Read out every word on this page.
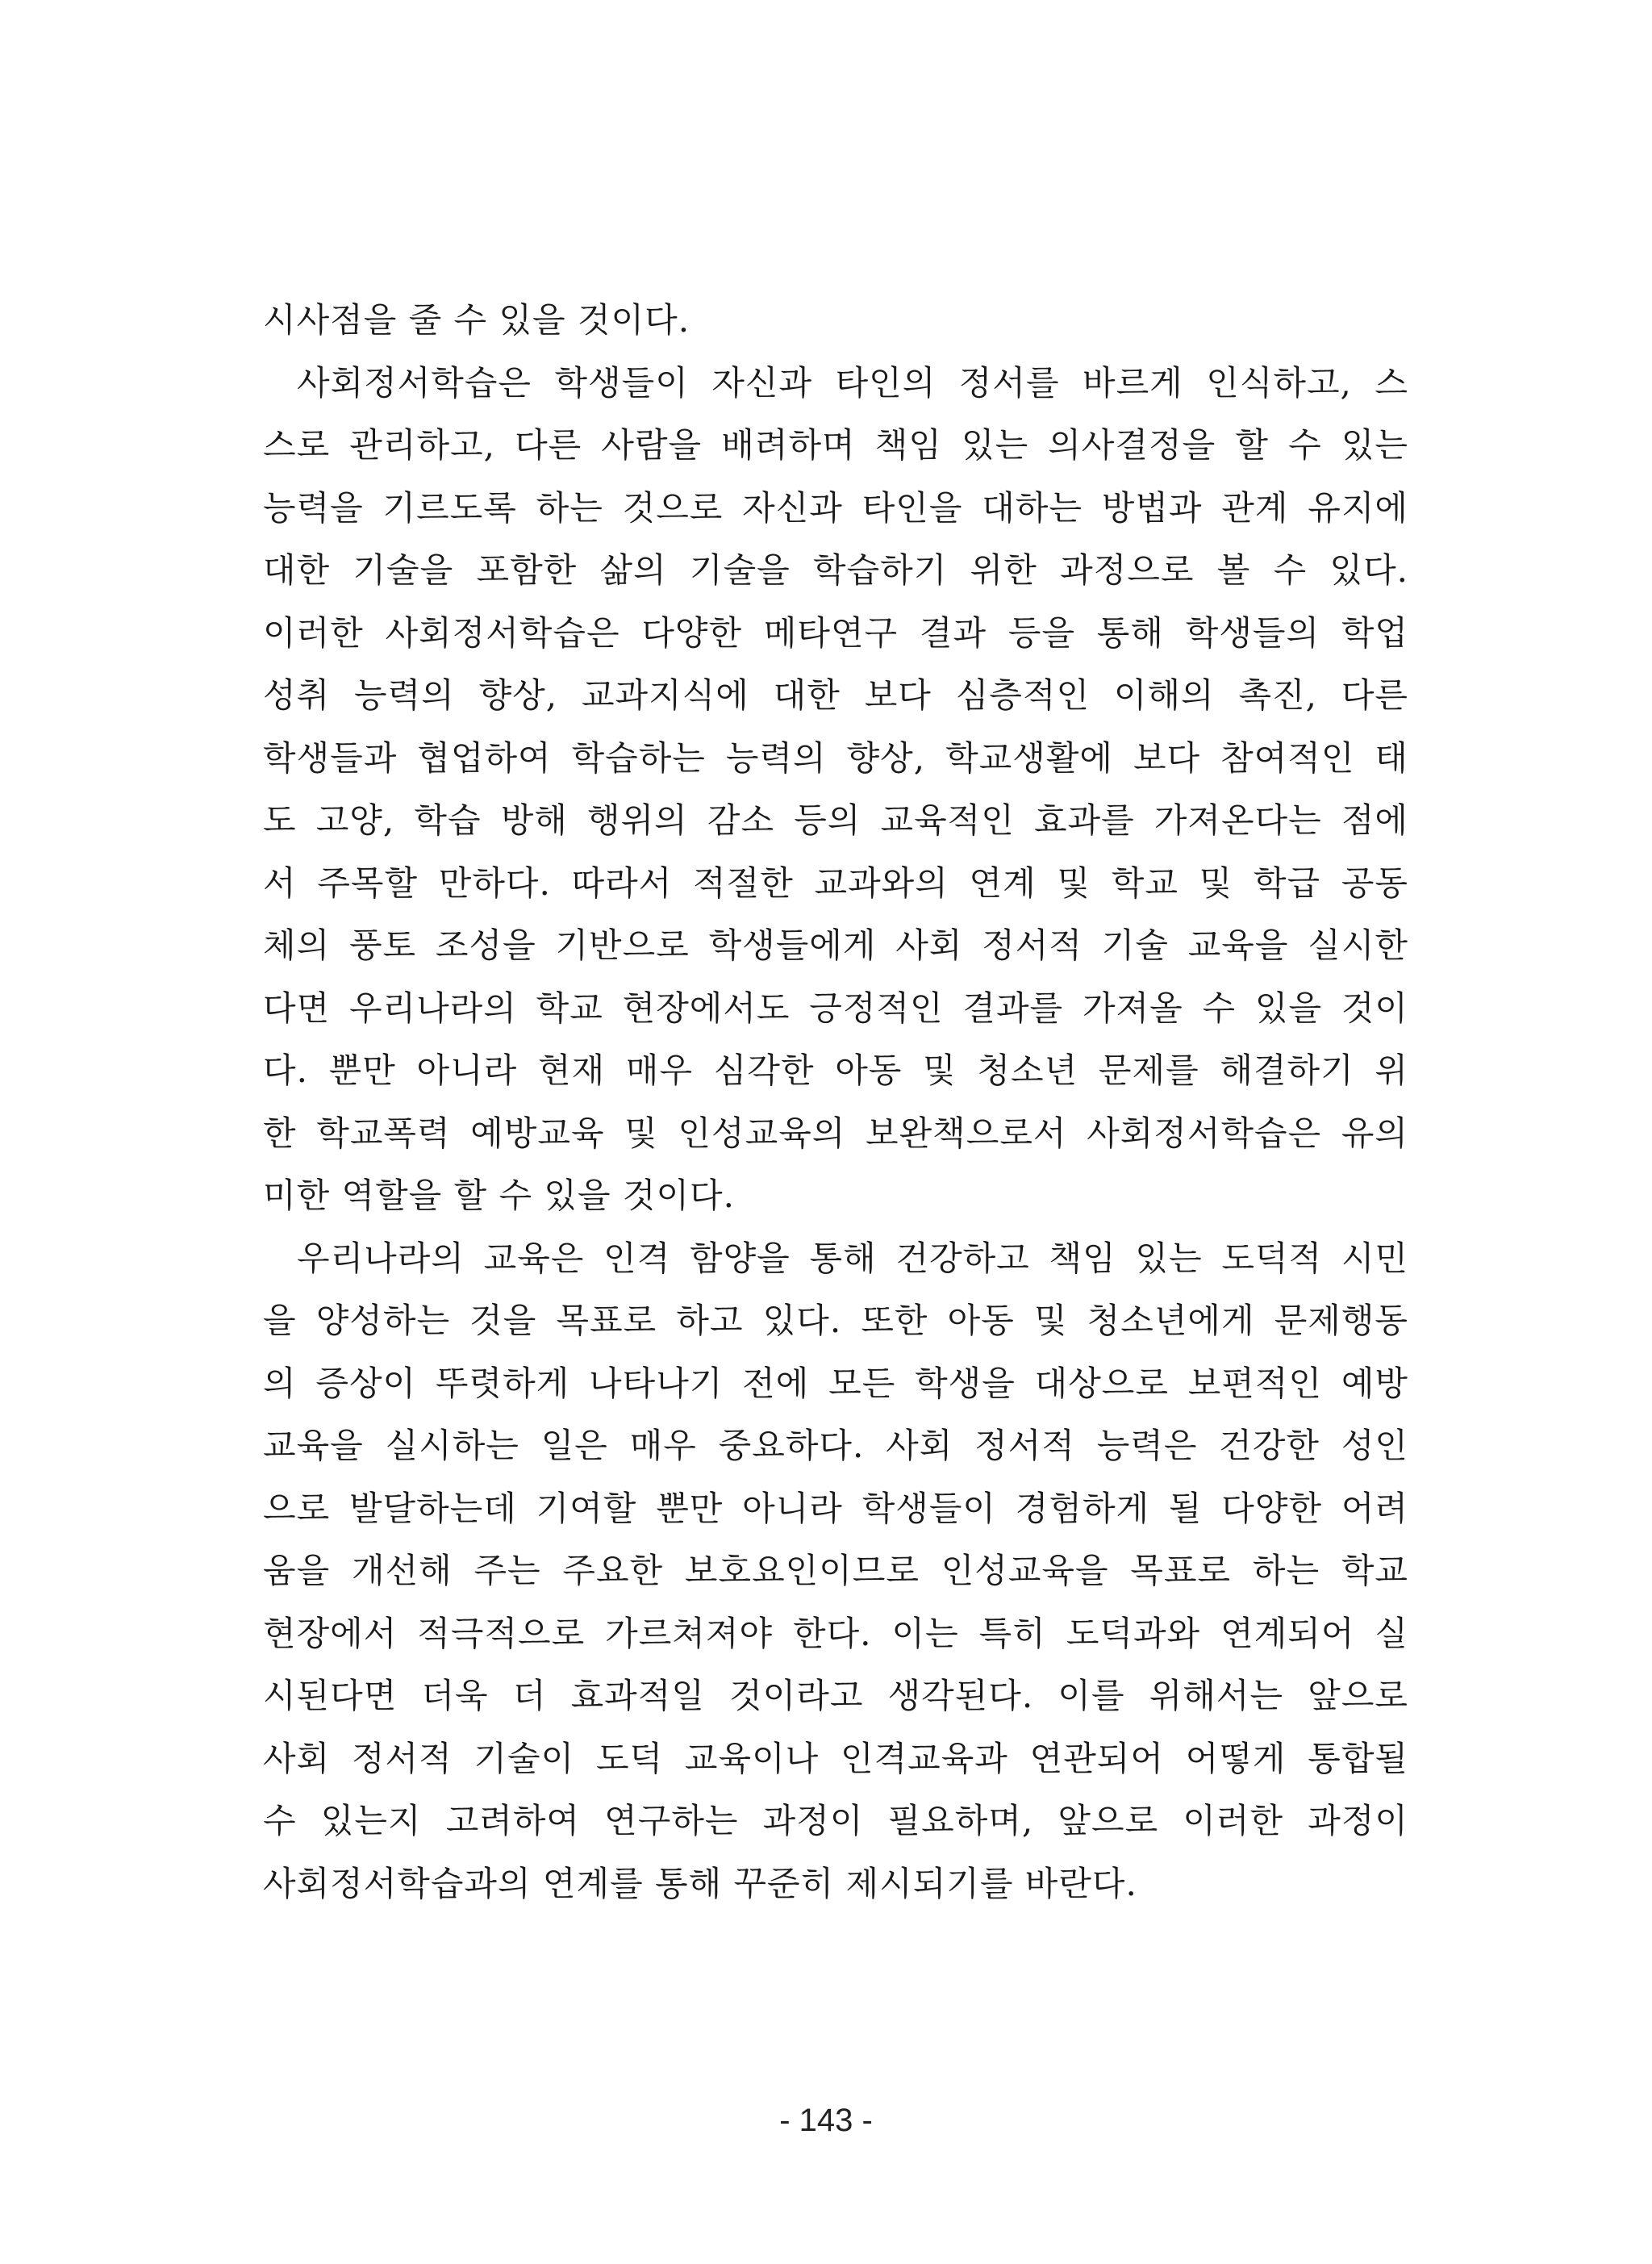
시사점을 줄 수 있을 것이다.
사회정서학습은 학생들이 자신과 타인의 정서를 바르게 인식하고, 스
스로 관리하고, 다른 사람을 배려하며 책임 있는 의사결정을 할 수 있는
능력을 기르도록 하는 것으로 자신과 타인을 대하는 방법과 관계 유지에
대한 기술을 포함한 삶의 기술을 학습하기 위한 과정으로 볼 수 있다.
이러한 사회정서학습은 다양한 메타연구 결과 등을 통해 학생들의 학업
성취 능력의 향상, 교과지식에 대한 보다 심층적인 이해의 촉진, 다른
학생들과 협업하여 학습하는 능력의 향상, 학교생활에 보다 참여적인 태
도 고양, 학습 방해 행위의 감소 등의 교육적인 효과를 가져온다는 점에
서 주목할 만하다. 따라서 적절한 교과와의 연계 및 학교 및 학급 공동
체의 풍토 조성을 기반으로 학생들에게 사회 정서적 기술 교육을 실시한
다면 우리나라의 학교 현장에서도 긍정적인 결과를 가져올 수 있을 것이
다. 뿐만 아니라 현재 매우 심각한 아동 및 청소년 문제를 해결하기 위
한 학교폭력 예방교육 및 인성교육의 보완책으로서 사회정서학습은 유의
미한 역할을 할 수 있을 것이다.
우리나라의 교육은 인격 함양을 통해 건강하고 책임 있는 도덕적 시민
을 양성하는 것을 목표로 하고 있다. 또한 아동 및 청소년에게 문제행동
의 증상이 뚜렷하게 나타나기 전에 모든 학생을 대상으로 보편적인 예방
교육을 실시하는 일은 매우 중요하다. 사회 정서적 능력은 건강한 성인
으로 발달하는데 기여할 뿐만 아니라 학생들이 경험하게 될 다양한 어려
움을 개선해 주는 주요한 보호요인이므로 인성교육을 목표로 하는 학교
현장에서 적극적으로 가르쳐져야 한다. 이는 특히 도덕과와 연계되어 실
시된다면 더욱 더 효과적일 것이라고 생각된다. 이를 위해서는 앞으로
사회 정서적 기술이 도덕 교육이나 인격교육과 연관되어 어떻게 통합될
수 있는지 고려하여 연구하는 과정이 필요하며, 앞으로 이러한 과정이
사회정서학습과의 연계를 통해 꾸준히 제시되기를 바란다.
- 143 -
